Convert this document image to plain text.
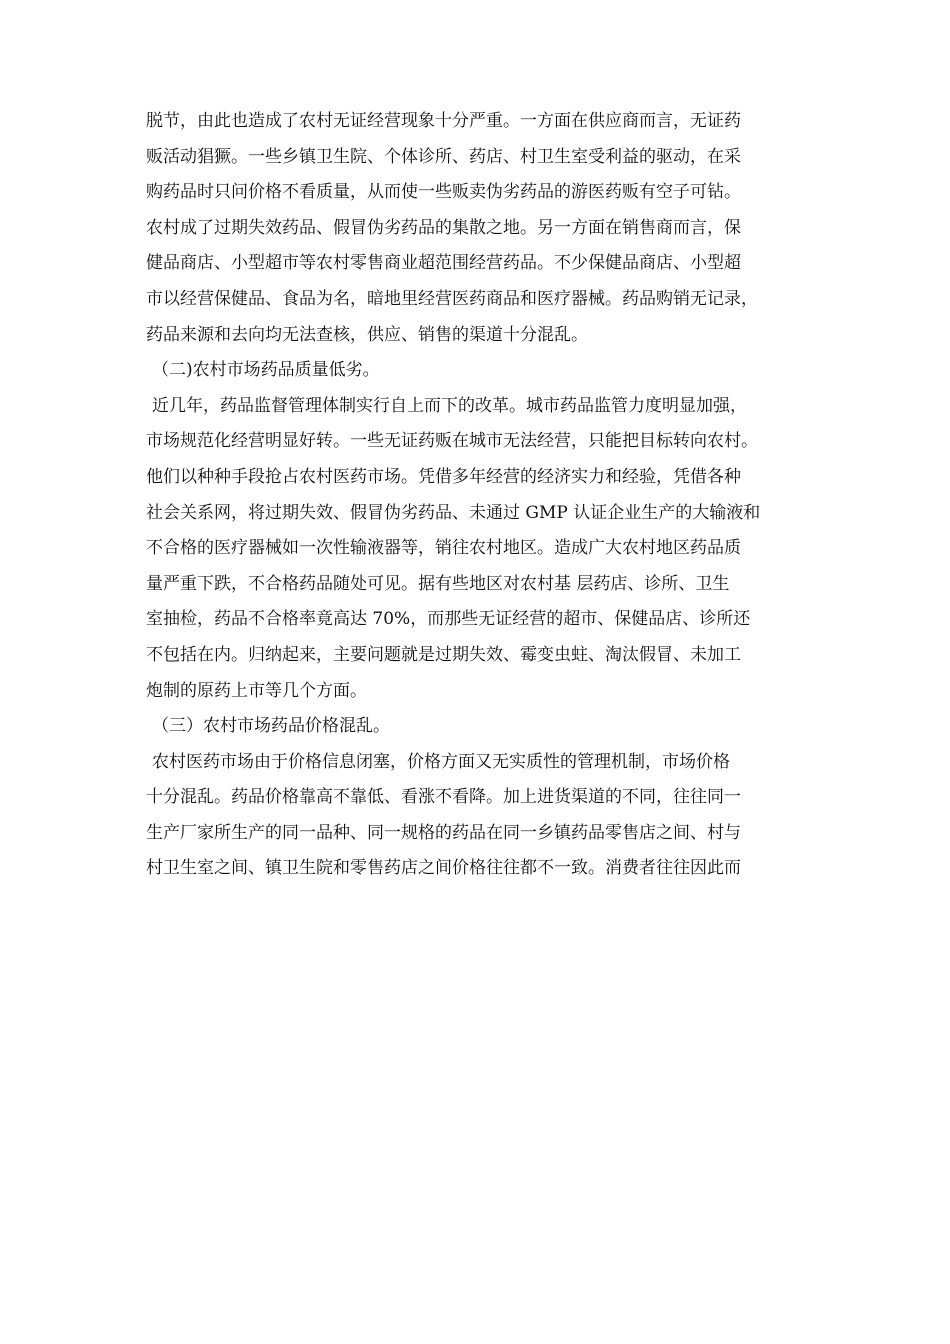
脱节，由此也造成了农村无证经营现象十分严重。一方面在供应商而言，无证药
贩活动猖獗。一些乡镇卫生院、个体诊所、药店、村卫生室受利益的驱动，在采
购药品时只问价格不看质量，从而使一些贩卖伪劣药品的游医药贩有空子可钻。
农村成了过期失效药品、假冒伪劣药品的集散之地。另一方面在销售商而言，保
健品商店、小型超市等农村零售商业超范围经营药品。不少保健品商店、小型超
市以经营保健品、食品为名，暗地里经营医药商品和医疗器械。药品购销无记录，
药品来源和去向均无法查核，供应、销售的渠道十分混乱。
（二)农村市场药品质量低劣。
近几年，药品监督管理体制实行自上而下的改革。城市药品监管力度明显加强，
市场规范化经营明显好转。一些无证药贩在城市无法经营，只能把目标转向农村。
他们以种种手段抢占农村医药市场。凭借多年经营的经济实力和经验，凭借各种
社会关系网，将过期失效、假冒伪劣药品、未通过 GMP 认证企业生产的大输液和
不合格的医疗器械如一次性输液器等，销往农村地区。造成广大农村地区药品质
量严重下跌，不合格药品随处可见。据有些地区对农村基 层药店、诊所、卫生
室抽检，药品不合格率竟高达 70%，而那些无证经营的超市、保健品店、诊所还
不包括在内。归纳起来，主要问题就是过期失效、霉变虫蛀、淘汰假冒、未加工
炮制的原药上市等几个方面。
（三）农村市场药品价格混乱。
农村医药市场由于价格信息闭塞，价格方面又无实质性的管理机制，市场价格
十分混乱。药品价格靠高不靠低、看涨不看降。加上进货渠道的不同，往往同一
生产厂家所生产的同一品种、同一规格的药品在同一乡镇药品零售店之间、村与
村卫生室之间、镇卫生院和零售药店之间价格往往都不一致。消费者往往因此而
